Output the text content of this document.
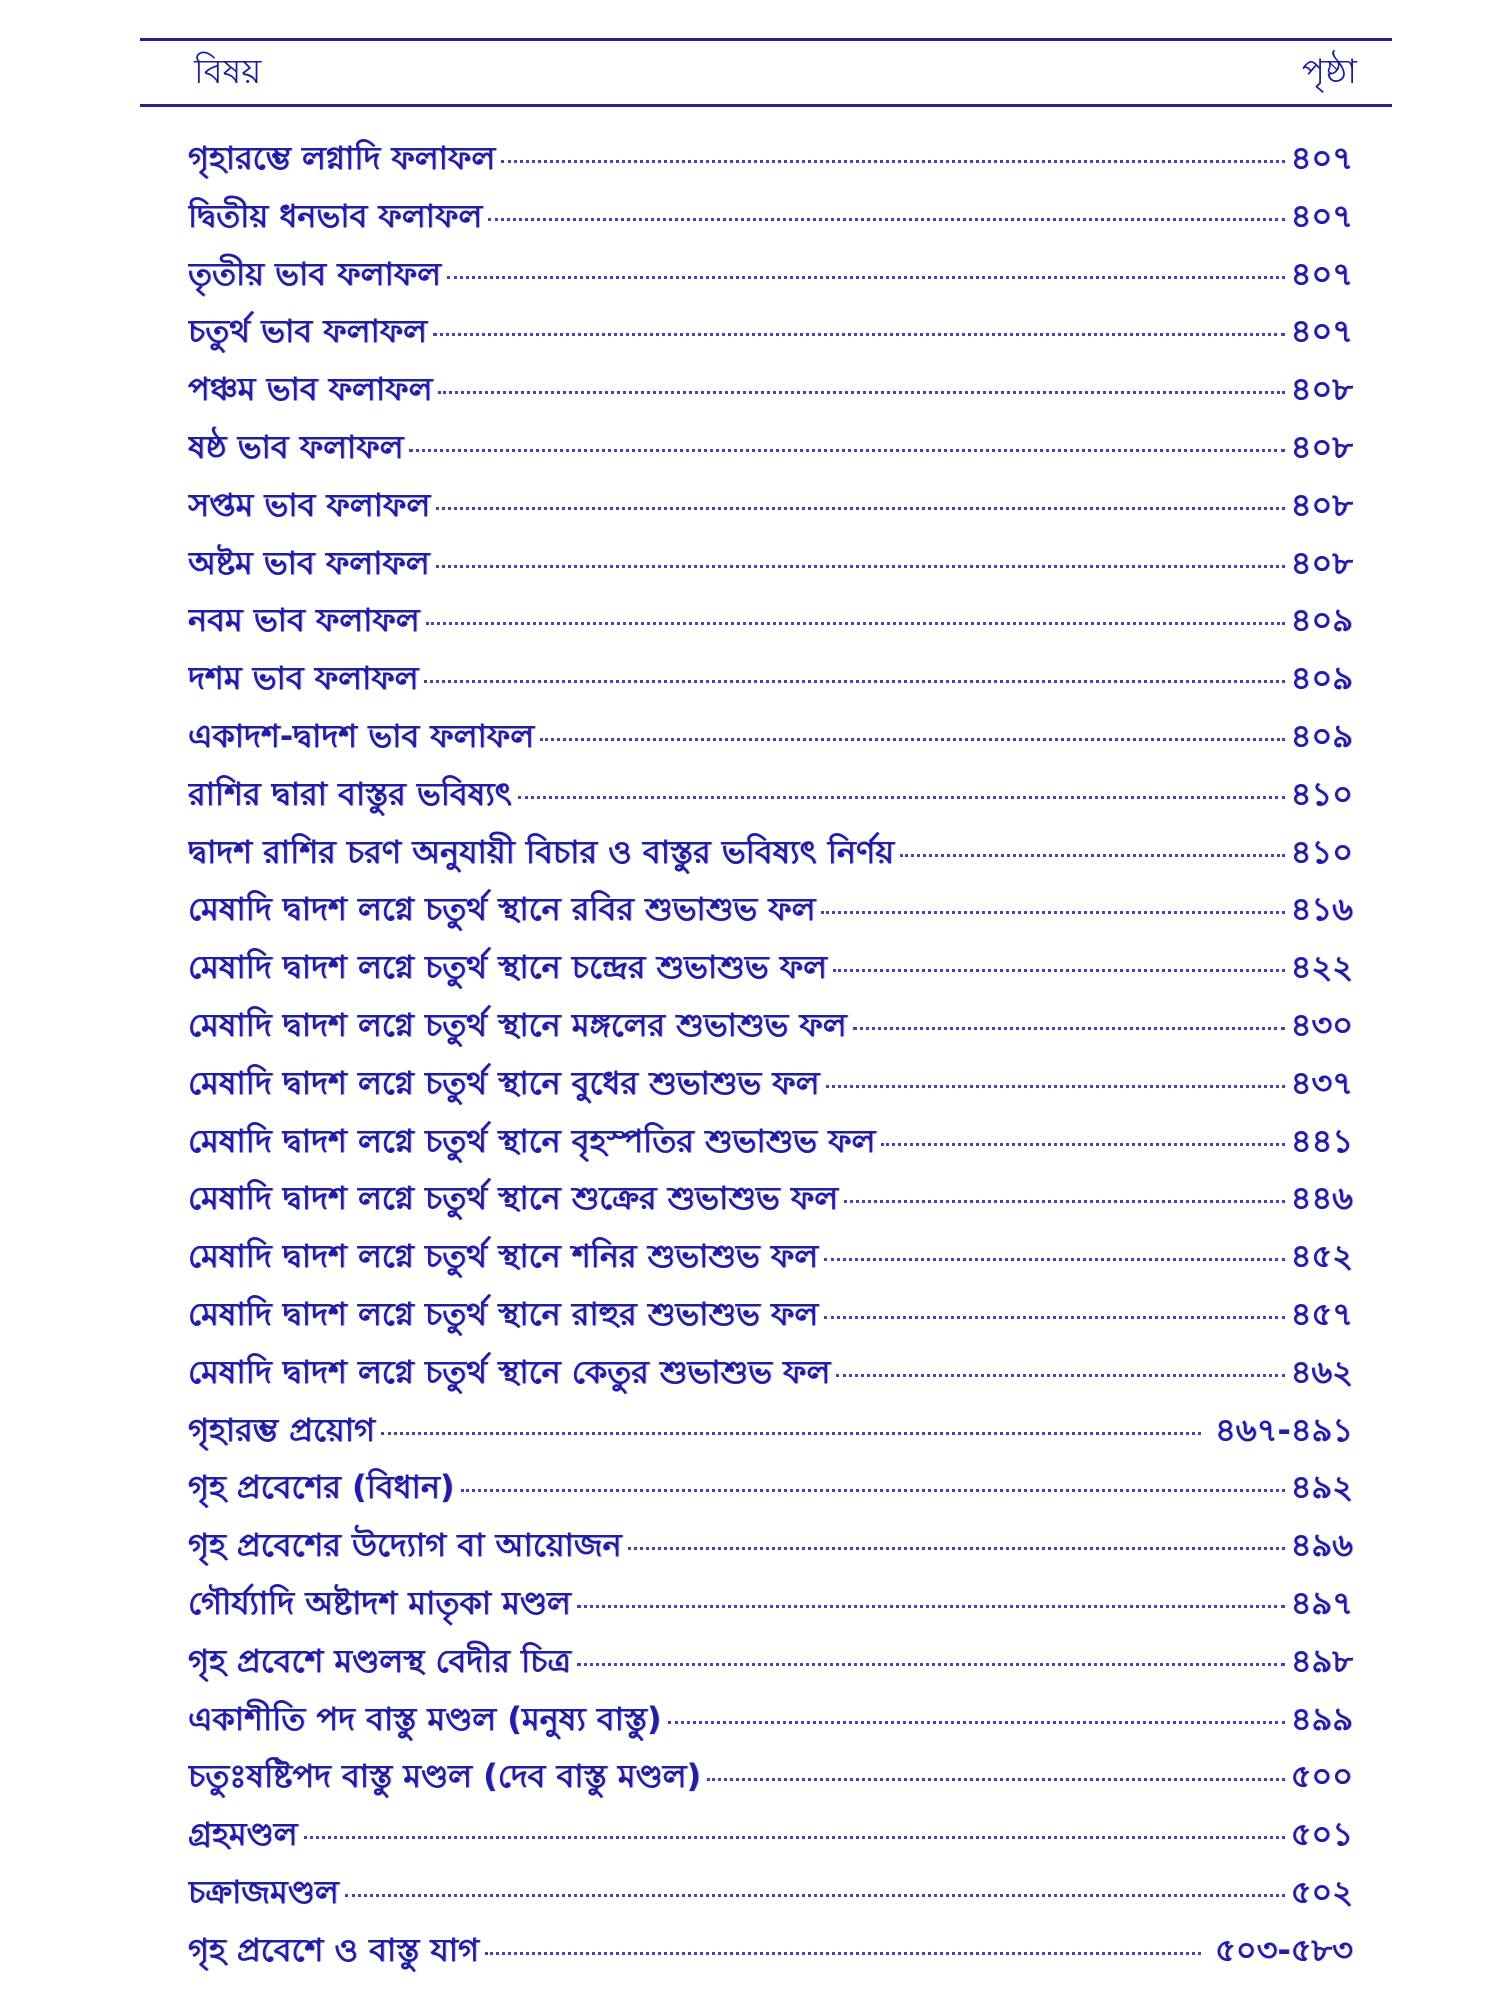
বিষয়	পৃষ্ঠা
গৃহারম্ভে লগ্নাদি ফলাফল	৪০৭
দ্বিতীয় ধনভাব ফলাফল	৪০৭
তৃতীয় ভাব ফলাফল	৪০৭
চতুর্থ ভাব ফলাফল	৪০৭
পঞ্চম ভাব ফলাফল	৪০৮
ষষ্ঠ ভাব ফলাফল	৪০৮
সপ্তম ভাব ফলাফল	৪০৮
অষ্টম ভাব ফলাফল	৪০৮
নবম ভাব ফলাফল	৪০৯
দশম ভাব ফলাফল	৪০৯
একাদশ-দ্বাদশ ভাব ফলাফল	৪০৯
রাশির দ্বারা বাস্তুর ভবিষ্যৎ	৪১০
দ্বাদশ রাশির চরণ অনুযায়ী বিচার ও বাস্তুর ভবিষ্যৎ নির্ণয়	৪১০
মেষাদি দ্বাদশ লগ্নে চতুর্থ স্থানে রবির শুভাশুভ ফল	৪১৬
মেষাদি দ্বাদশ লগ্নে চতুর্থ স্থানে চন্দ্রের শুভাশুভ ফল	৪২২
মেষাদি দ্বাদশ লগ্নে চতুর্থ স্থানে মঙ্গলের শুভাশুভ ফল	৪৩০
মেষাদি দ্বাদশ লগ্নে চতুর্থ স্থানে বুধের শুভাশুভ ফল	৪৩৭
মেষাদি দ্বাদশ লগ্নে চতুর্থ স্থানে বৃহস্পতির শুভাশুভ ফল	৪৪১
মেষাদি দ্বাদশ লগ্নে চতুর্থ স্থানে শুক্রের শুভাশুভ ফল	৪৪৬
মেষাদি দ্বাদশ লগ্নে চতুর্থ স্থানে শনির শুভাশুভ ফল	৪৫২
মেষাদি দ্বাদশ লগ্নে চতুর্থ স্থানে রাহুর শুভাশুভ ফল	৪৫৭
মেষাদি দ্বাদশ লগ্নে চতুর্থ স্থানে কেতুর শুভাশুভ ফল	৪৬২
গৃহারম্ভ প্রয়োগ	৪৬৭-৪৯১
গৃহ প্রবেশের (বিধান)	৪৯২
গৃহ প্রবেশের উদ্যোগ বা আয়োজন	৪৯৬
গৌর্য্যাদি অষ্টাদশ মাতৃকা মণ্ডল	৪৯৭
গৃহ প্রবেশে মণ্ডলস্থ বেদীর চিত্র	৪৯৮
একাশীতি পদ বাস্তু মণ্ডল (মনুষ্য বাস্তু)	৪৯৯
চতুঃষষ্টিপদ বাস্তু মণ্ডল (দেব বাস্তু মণ্ডল)	৫০০
গ্রহমণ্ডল	৫০১
চক্রাজমণ্ডল	৫০২
গৃহ প্রবেশে ও বাস্তু যাগ	৫০৩-৫৮৩
